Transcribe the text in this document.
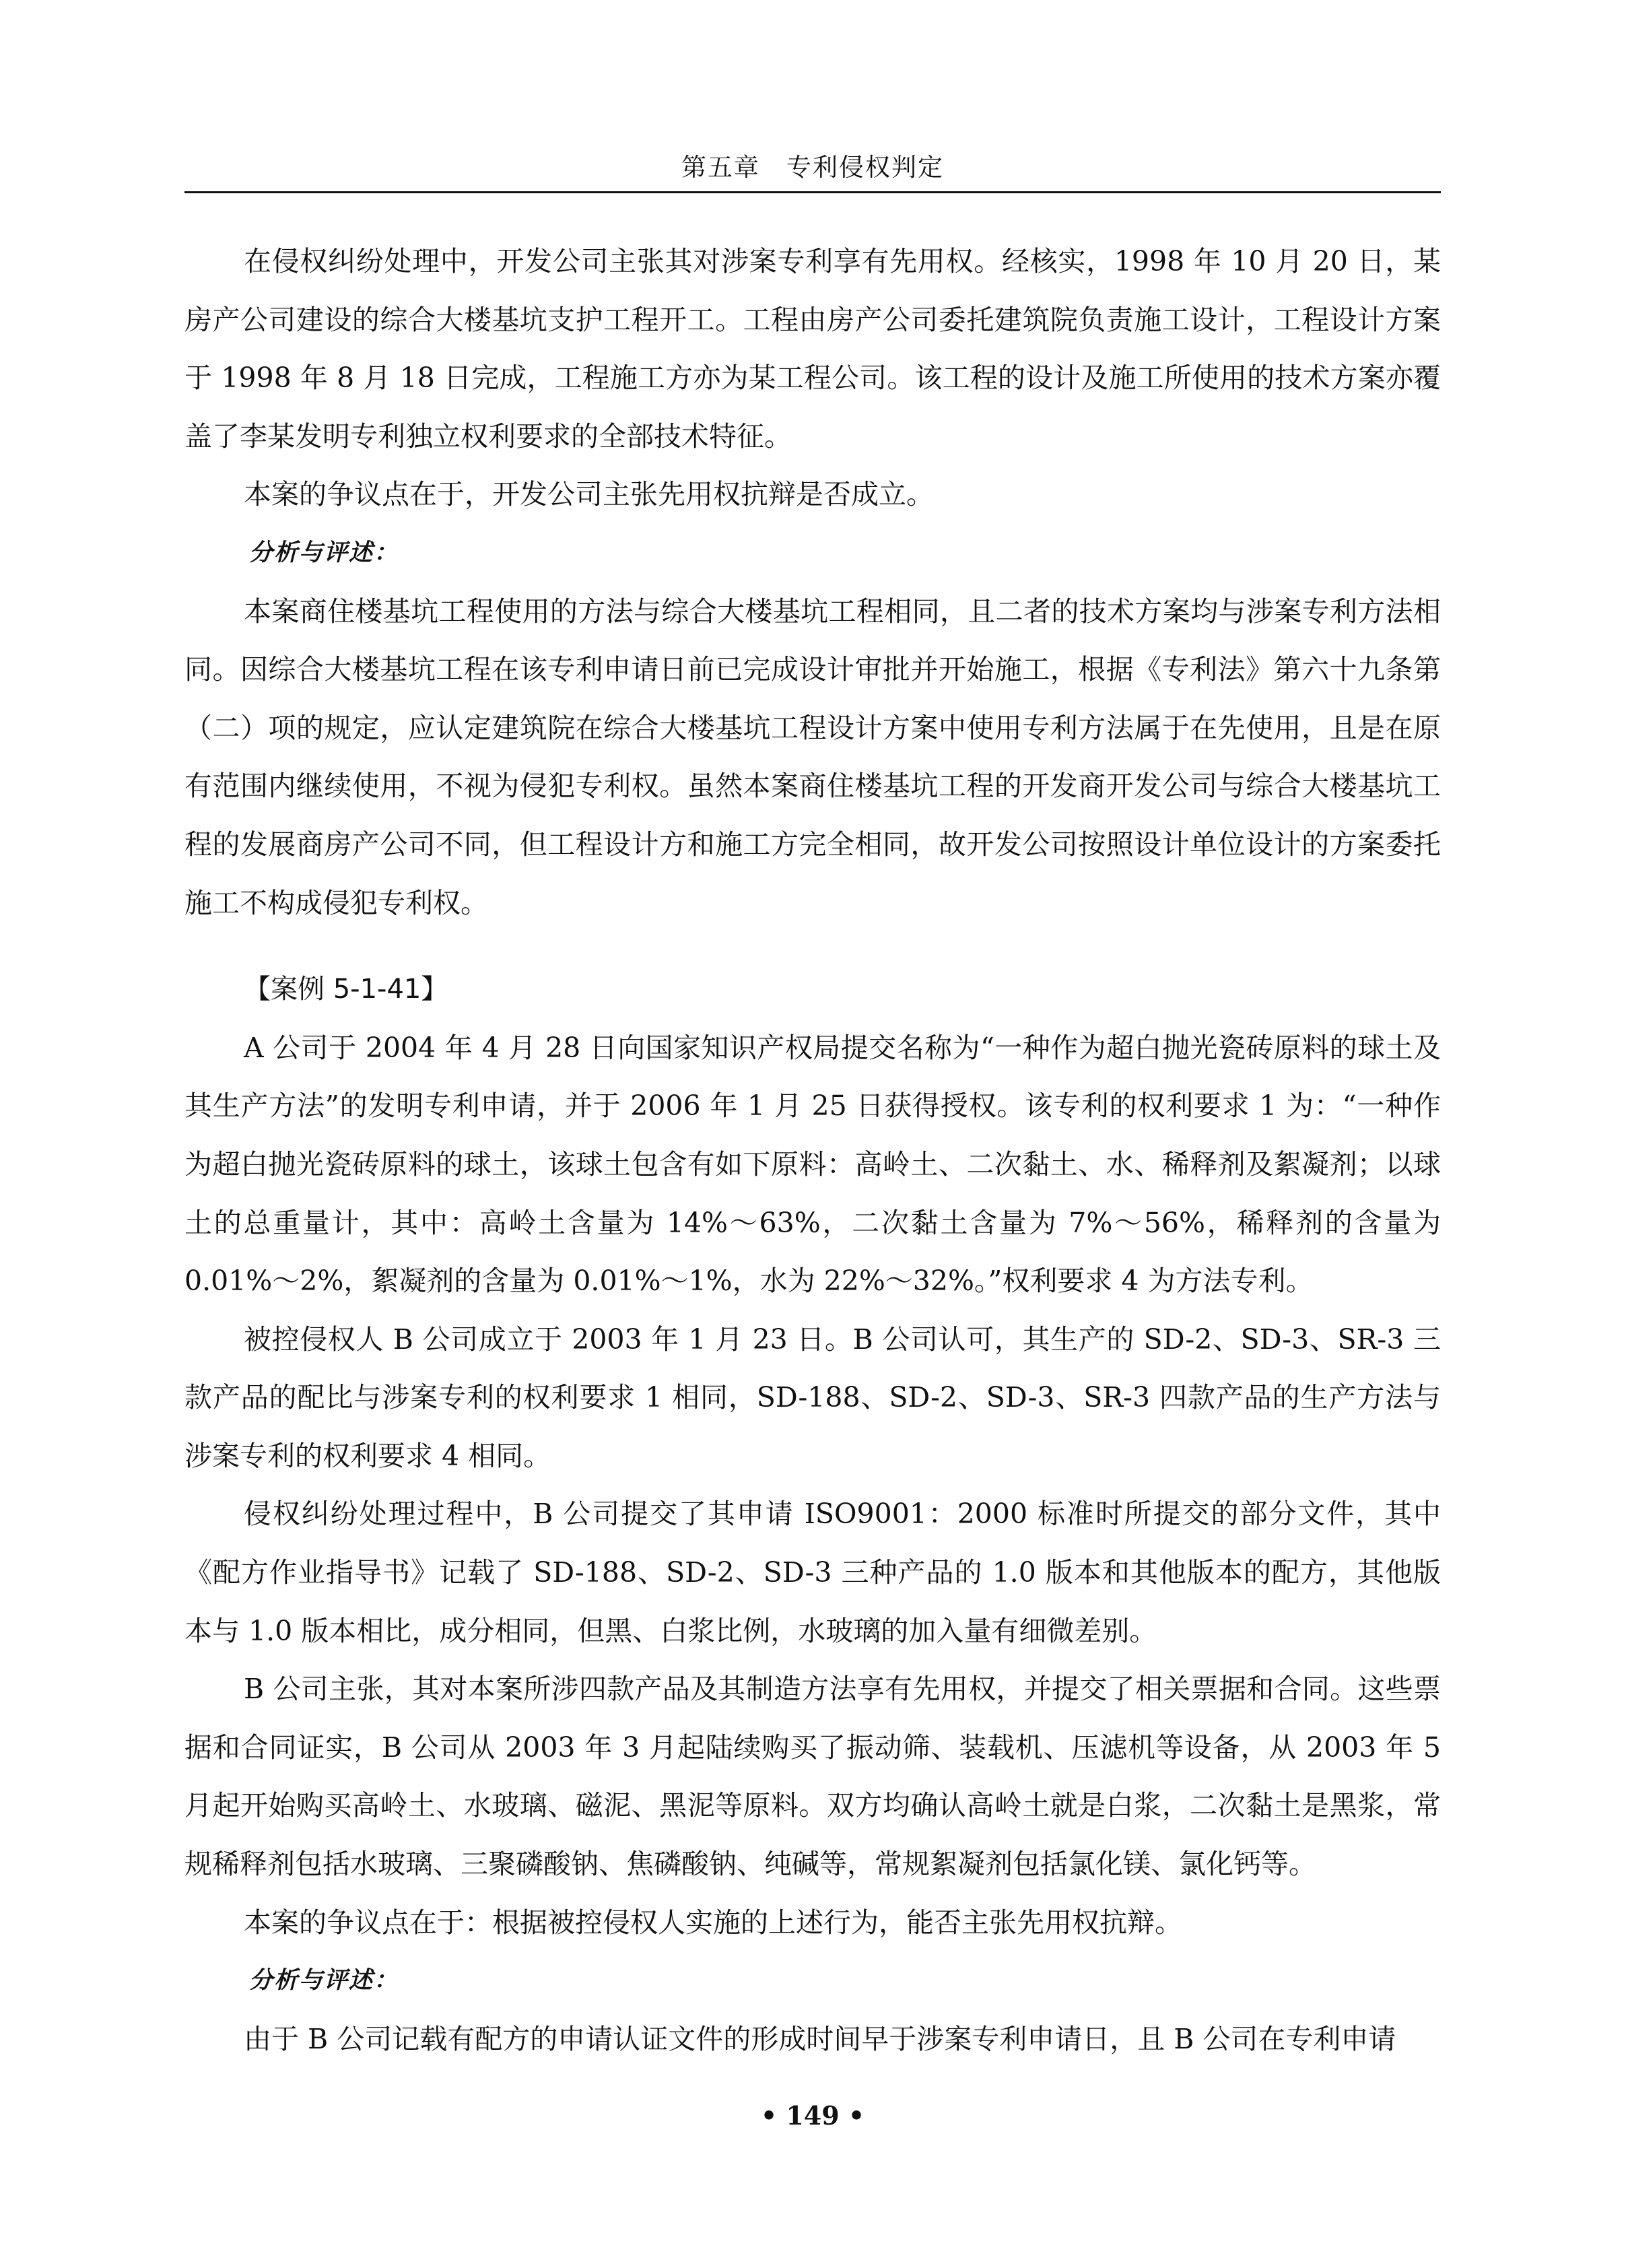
第五章　专利侵权判定

在侵权纠纷处理中，开发公司主张其对涉案专利享有先用权。经核实，1998 年 10 月 20 日，某房产公司建设的综合大楼基坑支护工程开工。工程由房产公司委托建筑院负责施工设计，工程设计方案于 1998 年 8 月 18 日完成，工程施工方亦为某工程公司。该工程的设计及施工所使用的技术方案亦覆盖了李某发明专利独立权利要求的全部技术特征。

本案的争议点在于，开发公司主张先用权抗辩是否成立。

分析与评述：

本案商住楼基坑工程使用的方法与综合大楼基坑工程相同，且二者的技术方案均与涉案专利方法相同。因综合大楼基坑工程在该专利申请日前已完成设计审批并开始施工，根据《专利法》第六十九条第（二）项的规定，应认定建筑院在综合大楼基坑工程设计方案中使用专利方法属于在先使用，且是在原有范围内继续使用，不视为侵犯专利权。虽然本案商住楼基坑工程的开发商开发公司与综合大楼基坑工程的发展商房产公司不同，但工程设计方和施工方完全相同，故开发公司按照设计单位设计的方案委托施工不构成侵犯专利权。

【案例 5-1-41】

A 公司于 2004 年 4 月 28 日向国家知识产权局提交名称为“一种作为超白抛光瓷砖原料的球土及其生产方法”的发明专利申请，并于 2006 年 1 月 25 日获得授权。该专利的权利要求 1 为：“一种作为超白抛光瓷砖原料的球土，该球土包含有如下原料：高岭土、二次黏土、水、稀释剂及絮凝剂；以球土的总重量计，其中：高岭土含量为 14%～63%，二次黏土含量为 7%～56%，稀释剂的含量为 0.01%～2%，絮凝剂的含量为 0.01%～1%，水为 22%～32%。”权利要求 4 为方法专利。

被控侵权人 B 公司成立于 2003 年 1 月 23 日。B 公司认可，其生产的 SD-2、SD-3、SR-3 三款产品的配比与涉案专利的权利要求 1 相同，SD-188、SD-2、SD-3、SR-3 四款产品的生产方法与涉案专利的权利要求 4 相同。

侵权纠纷处理过程中，B 公司提交了其申请 ISO9001：2000 标准时所提交的部分文件，其中《配方作业指导书》记载了 SD-188、SD-2、SD-3 三种产品的 1.0 版本和其他版本的配方，其他版本与 1.0 版本相比，成分相同，但黑、白浆比例，水玻璃的加入量有细微差别。

B 公司主张，其对本案所涉四款产品及其制造方法享有先用权，并提交了相关票据和合同。这些票据和合同证实，B 公司从 2003 年 3 月起陆续购买了振动筛、装载机、压滤机等设备，从 2003 年 5 月起开始购买高岭土、水玻璃、磁泥、黑泥等原料。双方均确认高岭土就是白浆，二次黏土是黑浆，常规稀释剂包括水玻璃、三聚磷酸钠、焦磷酸钠、纯碱等，常规絮凝剂包括氯化镁、氯化钙等。

本案的争议点在于：根据被控侵权人实施的上述行为，能否主张先用权抗辩。

分析与评述：

由于 B 公司记载有配方的申请认证文件的形成时间早于涉案专利申请日，且 B 公司在专利申请

• 149 •
